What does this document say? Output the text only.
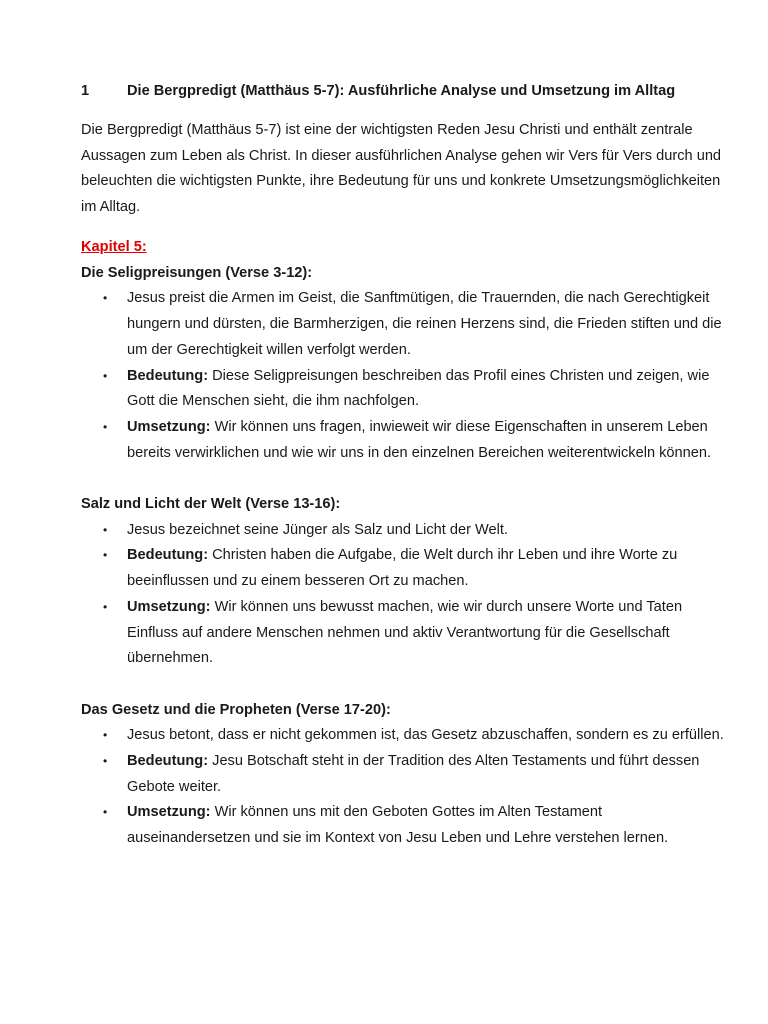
1	Die Bergpredigt (Matthäus 5-7): Ausführliche Analyse und Umsetzung im Alltag

Die Bergpredigt (Matthäus 5-7) ist eine der wichtigsten Reden Jesu Christi und enthält zentrale Aussagen zum Leben als Christ. In dieser ausführlichen Analyse gehen wir Vers für Vers durch und beleuchten die wichtigsten Punkte, ihre Bedeutung für uns und konkrete Umsetzungsmöglichkeiten im Alltag.

Kapitel 5:

Die Seligpreisungen (Verse 3-12):

• Jesus preist die Armen im Geist, die Sanftmütigen, die Trauernden, die nach Gerechtigkeit hungern und dürsten, die Barmherzigen, die reinen Herzens sind, die Frieden stiften und die um der Gerechtigkeit willen verfolgt werden.
• Bedeutung: Diese Seligpreisungen beschreiben das Profil eines Christen und zeigen, wie Gott die Menschen sieht, die ihm nachfolgen.
• Umsetzung: Wir können uns fragen, inwieweit wir diese Eigenschaften in unserem Leben bereits verwirklichen und wie wir uns in den einzelnen Bereichen weiterentwickeln können.

Salz und Licht der Welt (Verse 13-16):

• Jesus bezeichnet seine Jünger als Salz und Licht der Welt.
• Bedeutung: Christen haben die Aufgabe, die Welt durch ihr Leben und ihre Worte zu beeinflussen und zu einem besseren Ort zu machen.
• Umsetzung: Wir können uns bewusst machen, wie wir durch unsere Worte und Taten Einfluss auf andere Menschen nehmen und aktiv Verantwortung für die Gesellschaft übernehmen.

Das Gesetz und die Propheten (Verse 17-20):

• Jesus betont, dass er nicht gekommen ist, das Gesetz abzuschaffen, sondern es zu erfüllen.
• Bedeutung: Jesu Botschaft steht in der Tradition des Alten Testaments und führt dessen Gebote weiter.
• Umsetzung: Wir können uns mit den Geboten Gottes im Alten Testament auseinandersetzen und sie im Kontext von Jesu Leben und Lehre verstehen lernen.
